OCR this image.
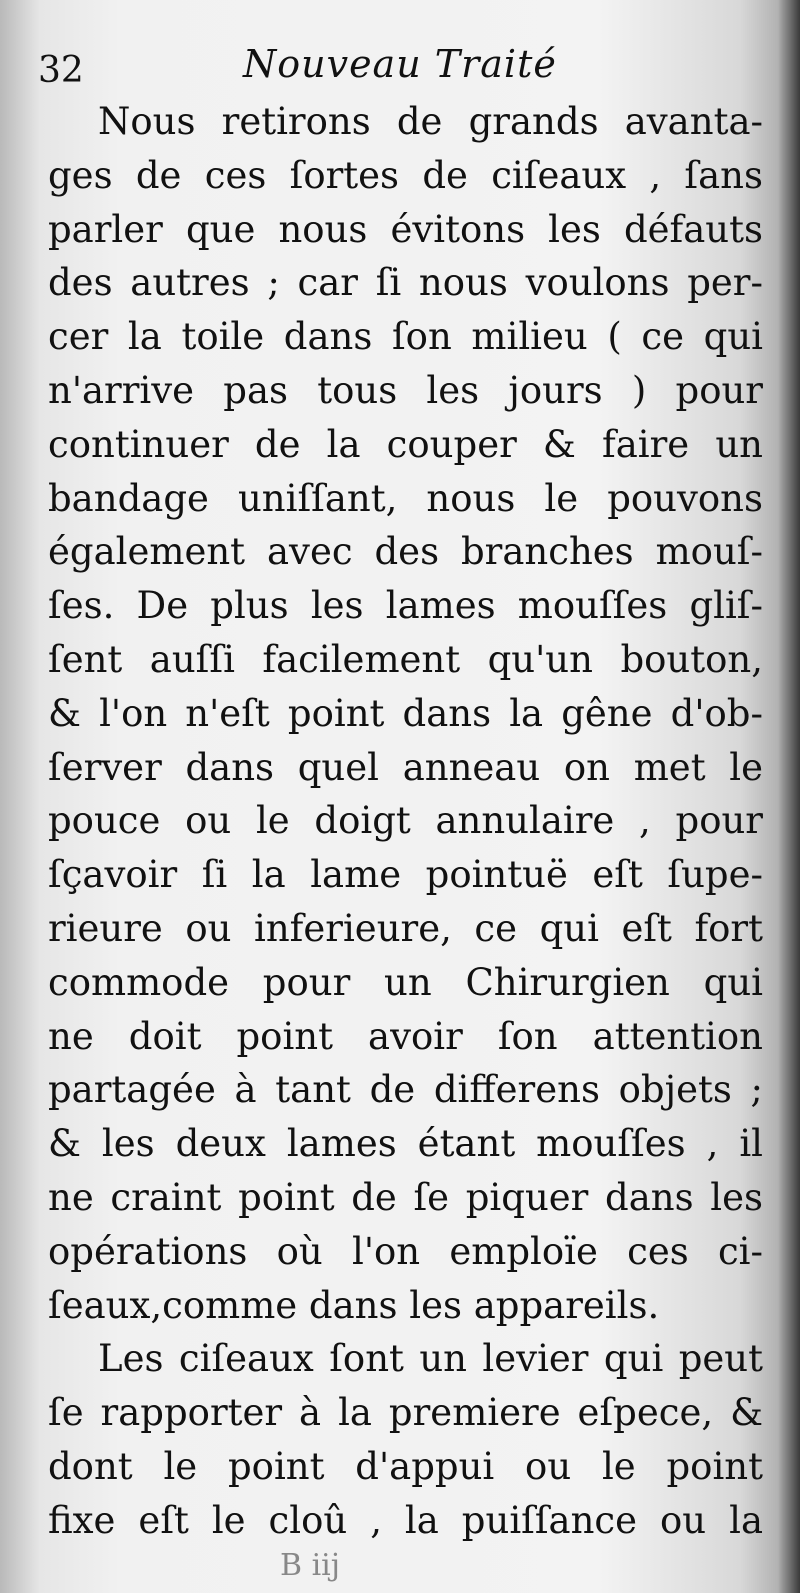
32	Nouveau Traité
Nous retirons de grands avanta-
ges de ces ſortes de ciſeaux , ſans
parler que nous évitons les défauts
des autres ; car ſi nous voulons per-
cer la toile dans ſon milieu ( ce qui
n'arrive pas tous les jours ) pour
continuer de la couper & faire un
bandage uniſſant, nous le pouvons
également avec des branches mouſ-
ſes. De plus les lames mouſſes gliſ-
ſent auſſi facilement qu'un bouton,
& l'on n'eſt point dans la gêne d'ob-
ſerver dans quel anneau on met le
pouce ou le doigt annulaire , pour
ſçavoir ſi la lame pointuë eſt ſupe-
rieure ou inferieure, ce qui eſt fort
commode pour un Chirurgien qui
ne doit point avoir ſon attention
partagée à tant de differens objets ;
& les deux lames étant mouſſes , il
ne craint point de ſe piquer dans les
opérations où l'on emploïe ces ci-
ſeaux,comme dans les appareils.
Les ciſeaux ſont un levier qui peut
ſe rapporter à la premiere eſpece, &
dont le point d'appui ou le point
fixe eſt le cloû , la puiſſance ou la
B iij
